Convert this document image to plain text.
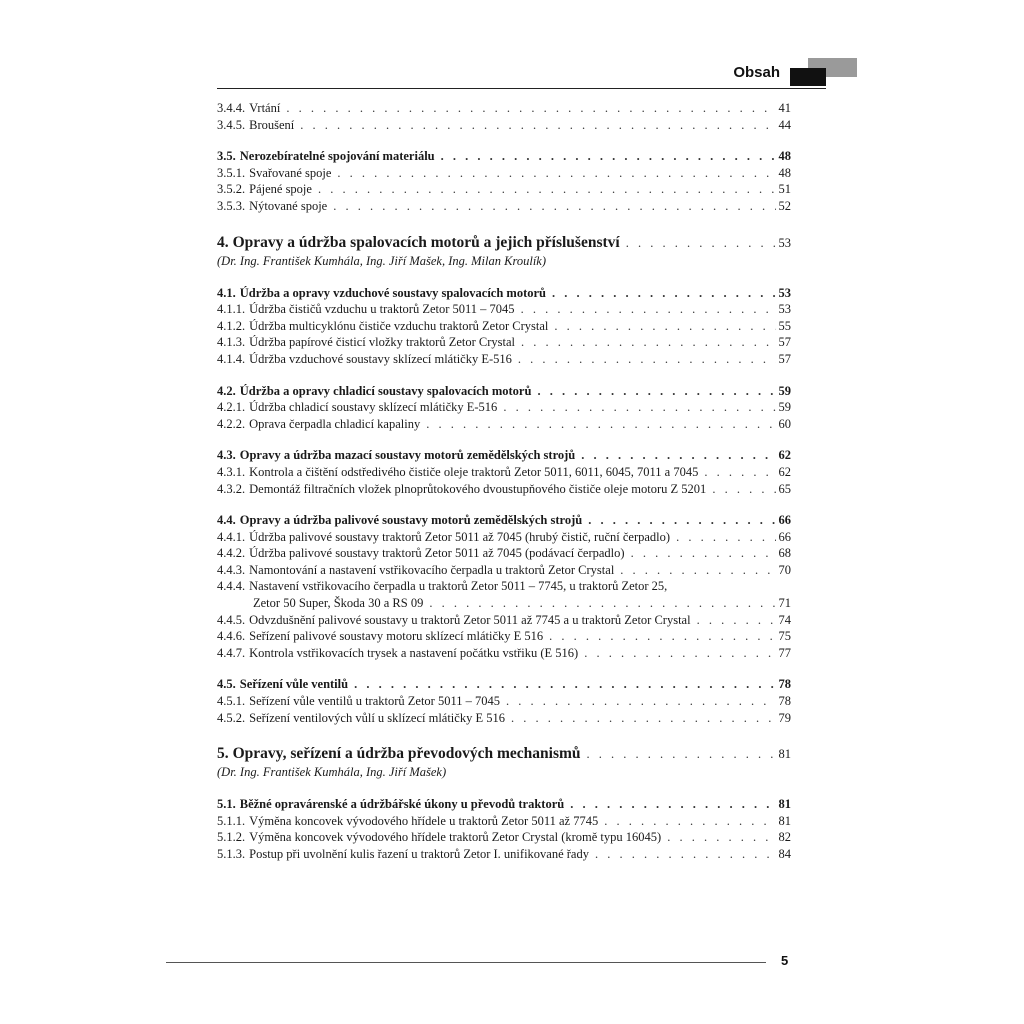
Obsah
3.4.4. Vrtání . . .	41
3.4.5. Broušení . . .	44
3.5. Nerozebíratelné spojování materiálu . . .	48
3.5.1. Svařované spoje . . .	48
3.5.2. Pájené spoje . . .	51
3.5.3. Nýtované spoje . . .	52
4. Opravy a údržba spalovacích motorů a jejich příslušenství . . .	53
(Dr. Ing. František Kumhála, Ing. Jiří Mašek, Ing. Milan Kroulík)
4.1. Údržba a opravy vzduchové soustavy spalovacích motorů . . .	53
4.1.1. Údržba čističů vzduchu u traktorů Zetor 5011 – 7045 . . .	53
4.1.2. Údržba multicyklónu čističe vzduchu traktorů Zetor Crystal . . .	55
4.1.3. Údržba papírové čisticí vložky traktorů Zetor Crystal . . .	57
4.1.4. Údržba vzduchové soustavy sklízecí mlátičky E-516 . . .	57
4.2. Údržba a opravy chladicí soustavy spalovacích motorů . . .	59
4.2.1. Údržba chladicí soustavy sklízecí mlátičky E-516 . . .	59
4.2.2. Oprava čerpadla chladicí kapaliny . . .	60
4.3. Opravy a údržba mazací soustavy motorů zemědělských strojů . . .	62
4.3.1. Kontrola a čištění odstředivého čističe oleje traktorů Zetor 5011, 6011, 6045, 7011 a 7045 . . .	62
4.3.2. Demontáž filtračních vložek plnoprůtokového dvoustupňového čističe oleje motoru Z 5201 . . .	65
4.4. Opravy a údržba palivové soustavy motorů zemědělských strojů . . .	66
4.4.1. Údržba palivové soustavy traktorů Zetor 5011 až 7045 (hrubý čistič, ruční čerpadlo) . . .	66
4.4.2. Údržba palivové soustavy traktorů Zetor 5011 až 7045 (podávací čerpadlo) . . .	68
4.4.3. Namontování a nastavení vstřikovacího čerpadla u traktorů Zetor Crystal . . .	70
4.4.4. Nastavení vstřikovacího čerpadla u traktorů Zetor 5011 – 7745, u traktorů Zetor 25,
Zetor 50 Super, Škoda 30 a RS 09 . . .	71
4.4.5. Odvzdušnění palivové soustavy u traktorů Zetor 5011 až 7745 a u traktorů Zetor Crystal . . .	74
4.4.6. Seřízení palivové soustavy motoru sklízecí mlátičky E 516 . . .	75
4.4.7. Kontrola vstřikovacích trysek a nastavení počátku vstřiku (E 516) . . .	77
4.5. Seřízení vůle ventilů . . .	78
4.5.1. Seřízení vůle ventilů u traktorů Zetor 5011 – 7045 . . .	78
4.5.2. Seřízení ventilových vůlí u sklízecí mlátičky E 516 . . .	79
5. Opravy, seřízení a údržba převodových mechanismů . . .	81
(Dr. Ing. František Kumhála, Ing. Jiří Mašek)
5.1. Běžné opravárenské a údržbářské úkony u převodů traktorů . . .	81
5.1.1. Výměna koncovek vývodového hřídele u traktorů Zetor 5011 až 7745 . . .	81
5.1.2. Výměna koncovek vývodového hřídele traktorů Zetor Crystal (kromě typu 16045) . . .	82
5.1.3. Postup při uvolnění kulis řazení u traktorů Zetor I. unifikované řady . . .	84
5
